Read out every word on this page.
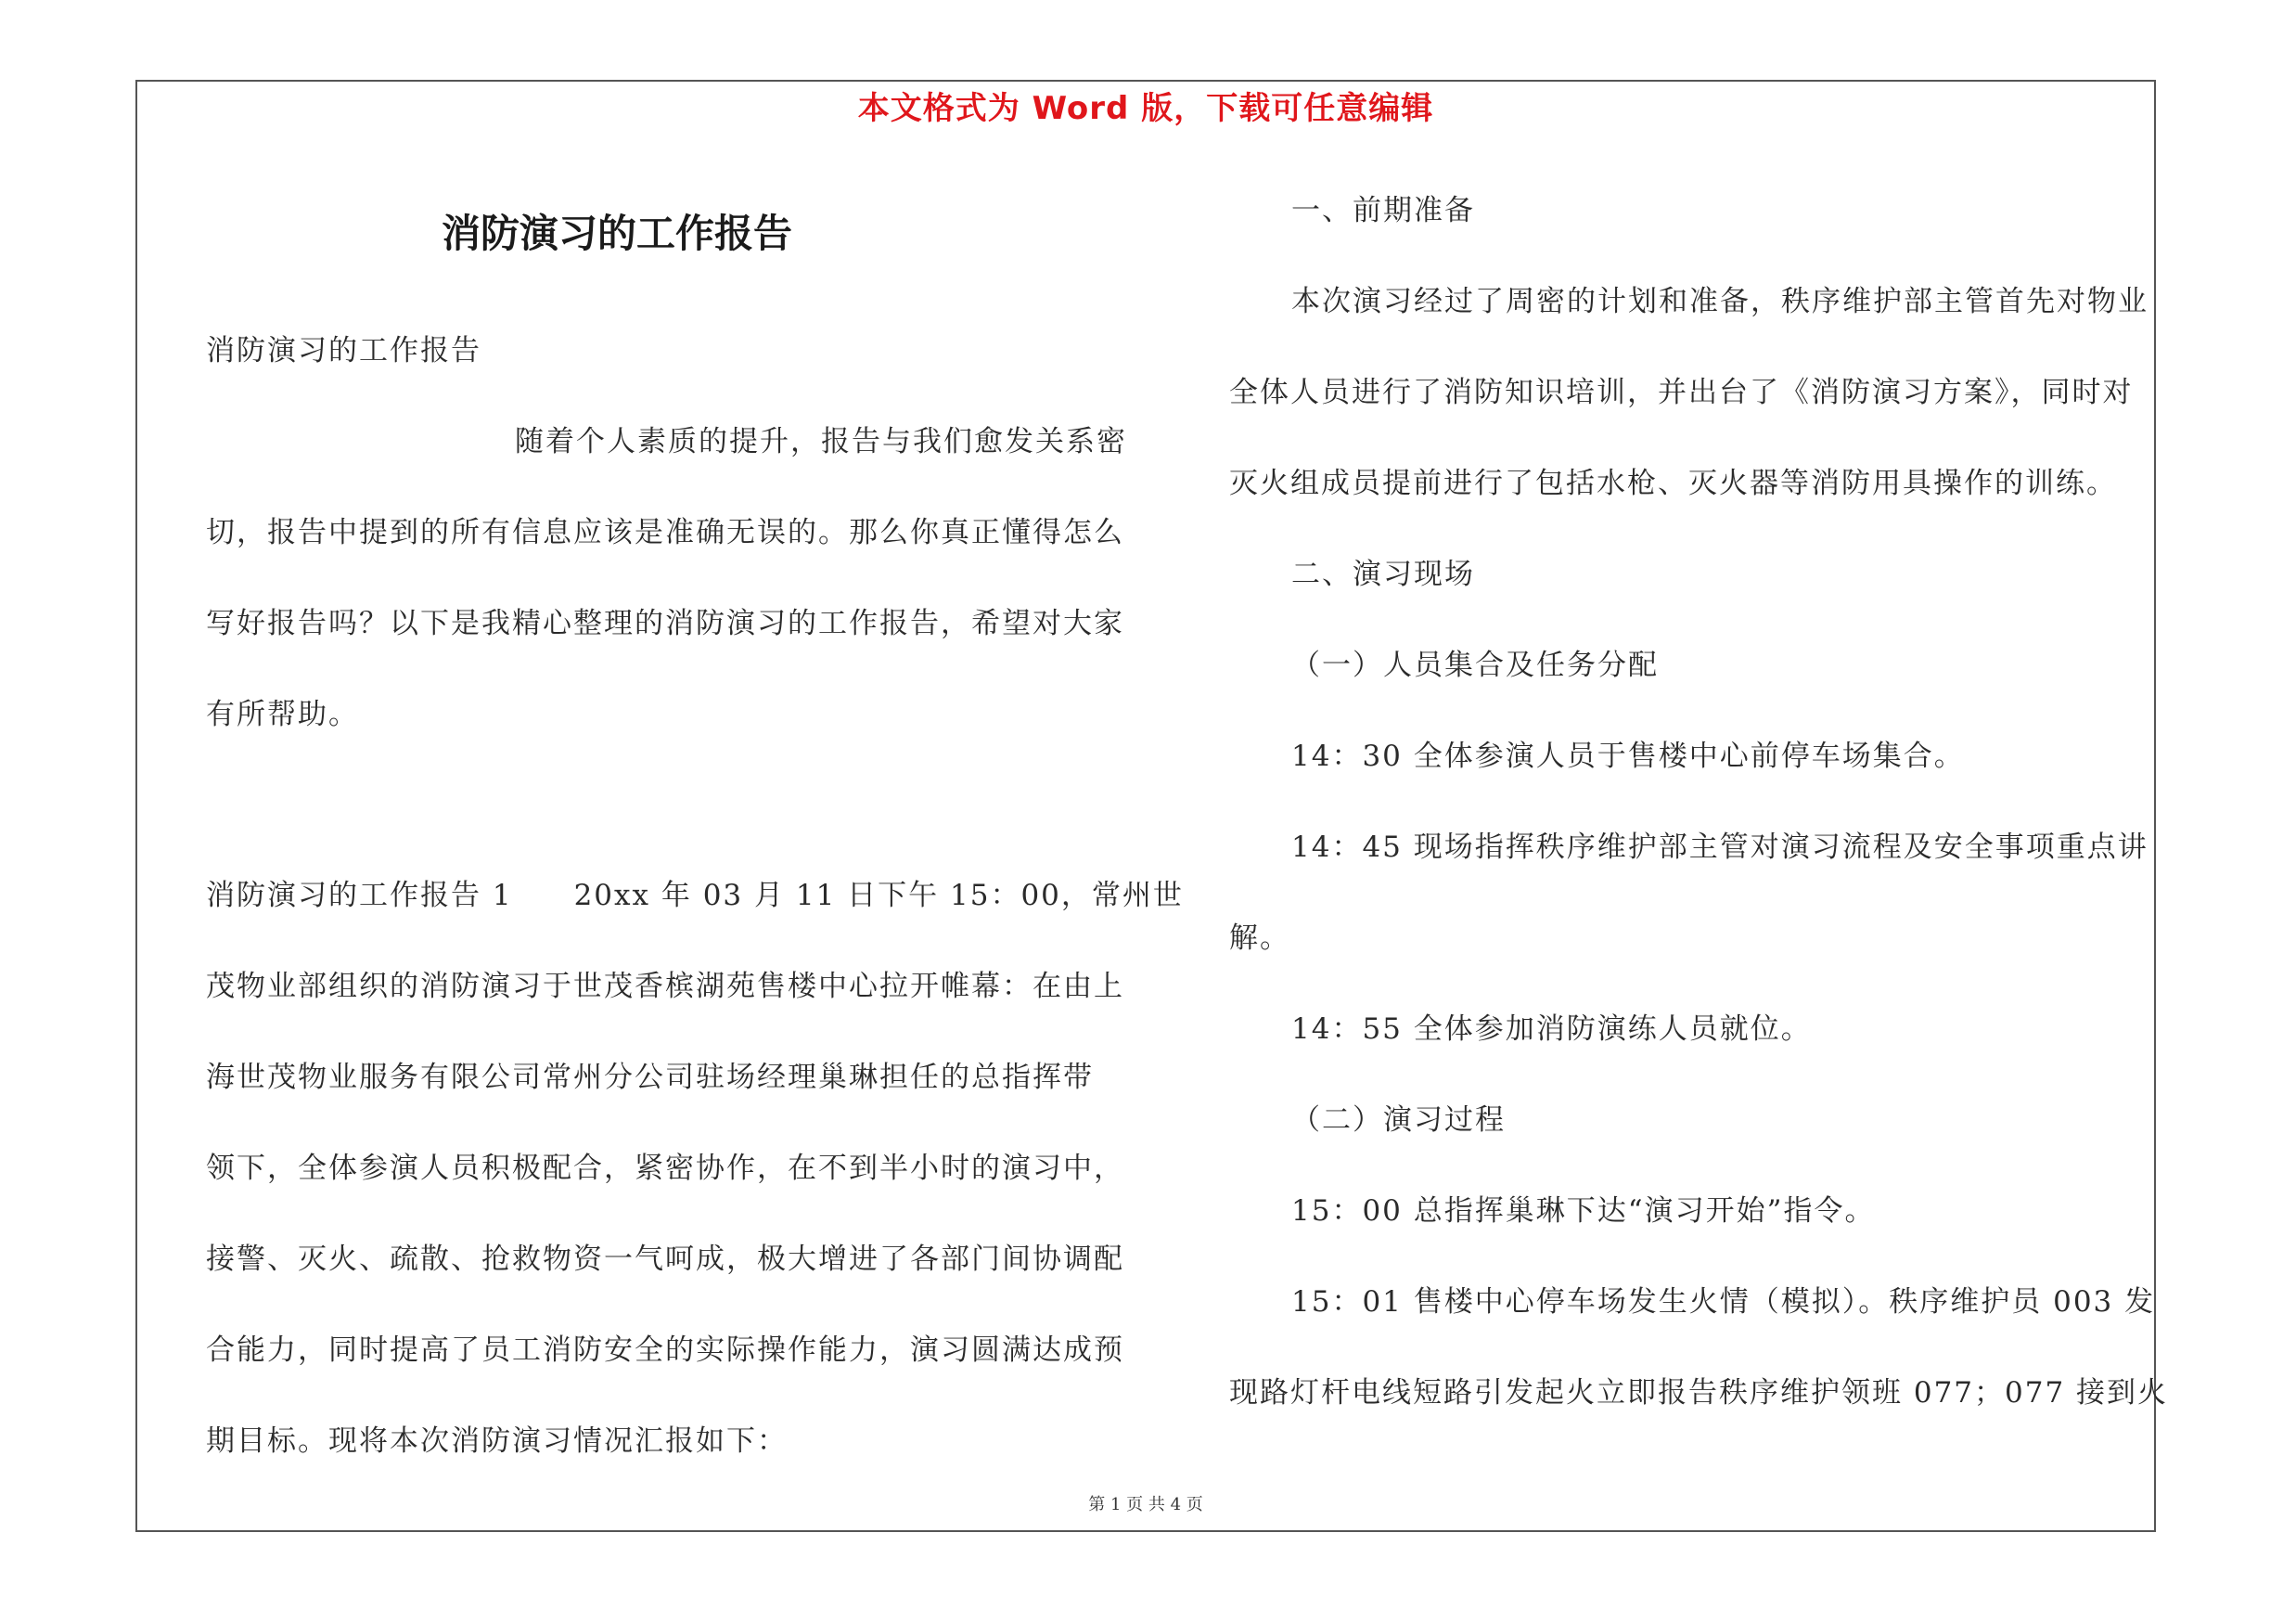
本文格式为 Word 版，下载可任意编辑
消防演习的工作报告
消防演习的工作报告
随着个人素质的提升，报告与我们愈发关系密
切，报告中提到的所有信息应该是准确无误的。那么你真正懂得怎么
写好报告吗？以下是我精心整理的消防演习的工作报告，希望对大家
有所帮助。
消防演习的工作报告 1　　20xx 年 03 月 11 日下午 15：00，常州世
茂物业部组织的消防演习于世茂香槟湖苑售楼中心拉开帷幕：在由上
海世茂物业服务有限公司常州分公司驻场经理巢琳担任的总指挥带
领下，全体参演人员积极配合，紧密协作，在不到半小时的演习中，
接警、灭火、疏散、抢救物资一气呵成，极大增进了各部门间协调配
合能力，同时提高了员工消防安全的实际操作能力，演习圆满达成预
期目标。现将本次消防演习情况汇报如下：
一、前期准备
本次演习经过了周密的计划和准备，秩序维护部主管首先对物业
全体人员进行了消防知识培训，并出台了《消防演习方案》，同时对
灭火组成员提前进行了包括水枪、灭火器等消防用具操作的训练。
二、演习现场
（一）人员集合及任务分配
14：30 全体参演人员于售楼中心前停车场集合。
14：45 现场指挥秩序维护部主管对演习流程及安全事项重点讲
解。
14：55 全体参加消防演练人员就位。
（二）演习过程
15：00 总指挥巢琳下达“演习开始”指令。
15：01 售楼中心停车场发生火情（模拟）。秩序维护员 003 发
现路灯杆电线短路引发起火立即报告秩序维护领班 077；077 接到火
第 1 页 共 4 页
